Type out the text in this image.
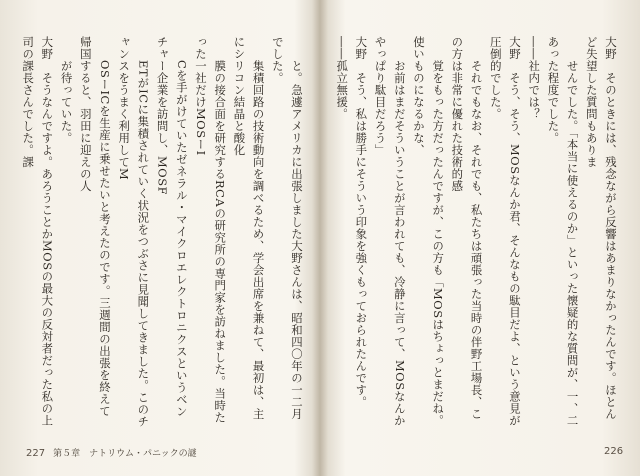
　　と。急遽アメリカに出張しました大野さんは、昭和四〇年の一二月でした。
　　集積回路の技術動向を調べるため、学会出席を兼ねて、最初は、主にシリコン結晶と酸化
　　膜の接合面を研究するRCAの研究所の専門家を訪ねました。当時たった一社だけMOSーI
　　Cを手がけていたゼネラル・マイクロエレクトロニクスというベンチャー企業を訪問し、MOSF
　　ETがICに集積されていく状況をつぶさに見聞してきました。このチャンスをうまく利用してM
　　OSーICを生産に乗せたいと考えたのです。三週間の出張を終えて帰国すると、羽田に迎えの人
　　が待っていた。
大野　そうなんですよ。あろうことかMOSの最大の反対者だった私の上司の課長さんでした。課

　　　	大野　そのときには、残念ながら反響はあまりなかったんです。ほとんど失望した質問もありま
　　せんでした。「本当に使えるのか」といった懐疑的な質問が、一、二あった程度でした。
――社内では？
大野　そう、そう、MOSなんか君、そんなもの駄目だよ、という意見が圧倒的でした。
　　それでもなお、それでも、私たちは頑張った当時の伴野工場長、この方は非常に優れた技術的感
　　覚をもった方だったんですが、この方も「MOSはちょっとまだね。使いものになるかな、
　　お前はまだそういうことが言われても、冷静に言って、MOSなんかやっぱり駄目だろう」
大野　そう、私は勝手にそういう印象を強くもっておられたんです。
――孤立無援。

227 第５章　ナトリウム・パニックの謎	226
